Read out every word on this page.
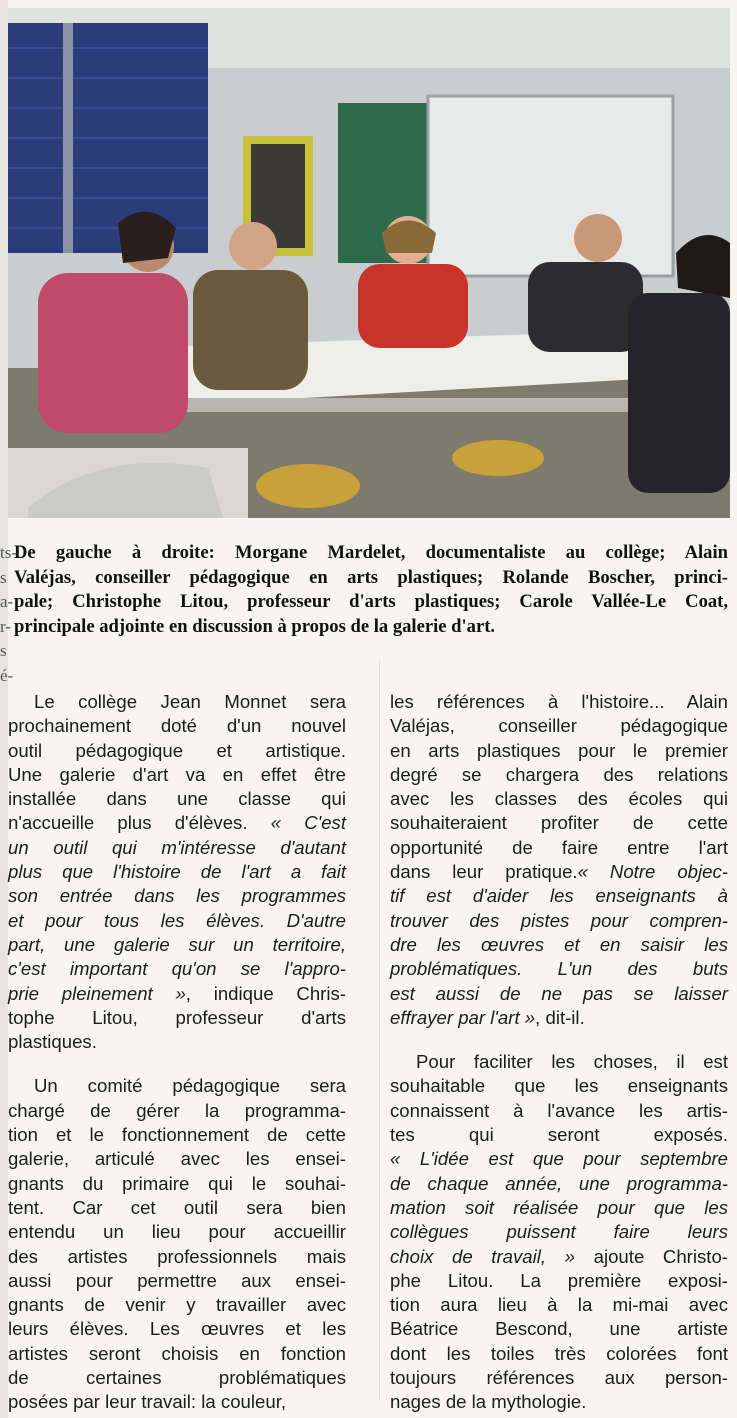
ts-
s
a-
r-
s
é-
De gauche à droite: Morgane Mardelet, documentaliste au collège; Alain
Valéjas, conseiller pédagogique en arts plastiques; Rolande Boscher, princi-
pale; Christophe Litou, professeur d'arts plastiques; Carole Vallée-Le Coat,
principale adjointe en discussion à propos de la galerie d'art.
Le collège Jean Monnet sera
prochainement doté d'un nouvel
outil pédagogique et artistique.
Une galerie d'art va en effet être
installée dans une classe qui
n'accueille plus d'élèves. « C'est
un outil qui m'intéresse d'autant
plus que l'histoire de l'art a fait
son entrée dans les programmes
et pour tous les élèves. D'autre
part, une galerie sur un territoire,
c'est important qu'on se l'appro-
prie pleinement », indique Chris-
tophe Litou, professeur d'arts
plastiques.
Un comité pédagogique sera
chargé de gérer la programma-
tion et le fonctionnement de cette
galerie, articulé avec les ensei-
gnants du primaire qui le souhai-
tent. Car cet outil sera bien
entendu un lieu pour accueillir
des artistes professionnels mais
aussi pour permettre aux ensei-
gnants de venir y travailler avec
leurs élèves. Les œuvres et les
artistes seront choisis en fonction
de certaines problématiques
posées par leur travail: la couleur,
les références à l'histoire... Alain
Valéjas, conseiller pédagogique
en arts plastiques pour le premier
degré se chargera des relations
avec les classes des écoles qui
souhaiteraient profiter de cette
opportunité de faire entre l'art
dans leur pratique.« Notre objec-
tif est d'aider les enseignants à
trouver des pistes pour compren-
dre les œuvres et en saisir les
problématiques. L'un des buts
est aussi de ne pas se laisser
effrayer par l'art », dit-il.
Pour faciliter les choses, il est
souhaitable que les enseignants
connaissent à l'avance les artis-
tes qui seront exposés.
« L'idée est que pour septembre
de chaque année, une programma-
mation soit réalisée pour que les
collègues puissent faire leurs
choix de travail, » ajoute Christo-
phe Litou. La première exposi-
tion aura lieu à la mi-mai avec
Béatrice Bescond, une artiste
dont les toiles très colorées font
toujours références aux person-
nages de la mythologie.
